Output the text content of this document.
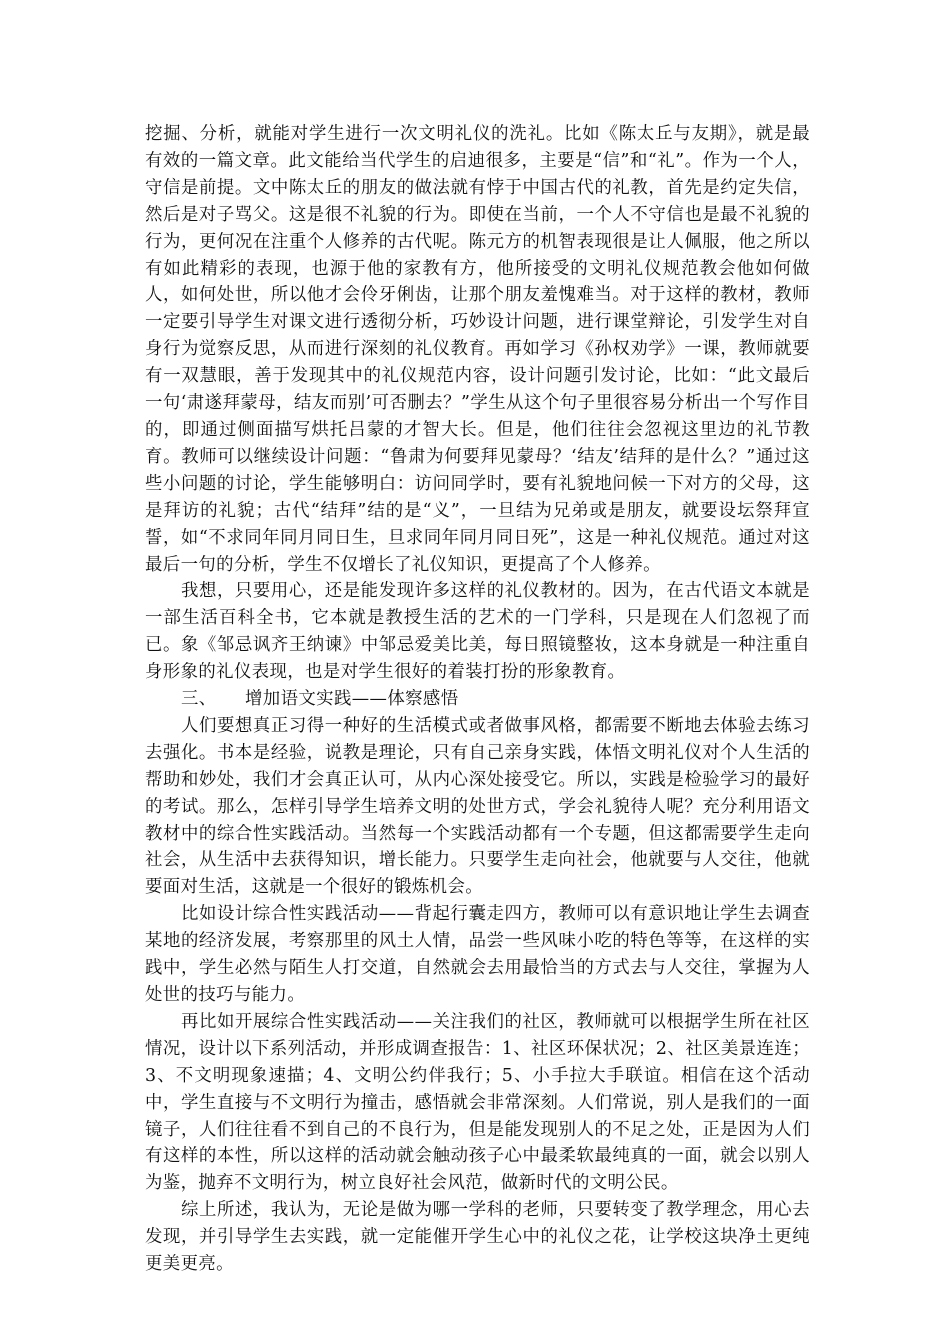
挖掘、分析，就能对学生进行一次文明礼仪的洗礼。比如《陈太丘与友期》，就是最有效的一篇文章。此文能给当代学生的启迪很多，主要是“信”和“礼”。作为一个人，守信是前提。文中陈太丘的朋友的做法就有悖于中国古代的礼教，首先是约定失信，然后是对子骂父。这是很不礼貌的行为。即使在当前，一个人不守信也是最不礼貌的行为，更何况在注重个人修养的古代呢。陈元方的机智表现很是让人佩服，他之所以有如此精彩的表现，也源于他的家教有方，他所接受的文明礼仪规范教会他如何做人，如何处世，所以他才会伶牙俐齿，让那个朋友羞愧难当。对于这样的教材，教师一定要引导学生对课文进行透彻分析，巧妙设计问题，进行课堂辩论，引发学生对自身行为觉察反思，从而进行深刻的礼仪教育。再如学习《孙权劝学》一课，教师就要有一双慧眼，善于发现其中的礼仪规范内容，设计问题引发讨论，比如：“此文最后一句‘肃遂拜蒙母，结友而别’可否删去？”学生从这个句子里很容易分析出一个写作目的，即通过侧面描写烘托吕蒙的才智大长。但是，他们往往会忽视这里边的礼节教育。教师可以继续设计问题：“鲁肃为何要拜见蒙母？‘结友’结拜的是什么？”通过这些小问题的讨论，学生能够明白：访问同学时，要有礼貌地问候一下对方的父母，这是拜访的礼貌；古代“结拜”结的是“义”，一旦结为兄弟或是朋友，就要设坛祭拜宣誓，如“不求同年同月同日生，旦求同年同月同日死”，这是一种礼仪规范。通过对这最后一句的分析，学生不仅增长了礼仪知识，更提高了个人修养。

我想，只要用心，还是能发现许多这样的礼仪教材的。因为，在古代语文本就是一部生活百科全书，它本就是教授生活的艺术的一门学科，只是现在人们忽视了而已。象《邹忌讽齐王纳谏》中邹忌爱美比美，每日照镜整妆，这本身就是一种注重自身形象的礼仪表现，也是对学生很好的着装打扮的形象教育。

三、	增加语文实践——体察感悟

人们要想真正习得一种好的生活模式或者做事风格，都需要不断地去体验去练习去强化。书本是经验，说教是理论，只有自己亲身实践，体悟文明礼仪对个人生活的帮助和妙处，我们才会真正认可，从内心深处接受它。所以，实践是检验学习的最好的考试。那么，怎样引导学生培养文明的处世方式，学会礼貌待人呢？充分利用语文教材中的综合性实践活动。当然每一个实践活动都有一个专题，但这都需要学生走向社会，从生活中去获得知识，增长能力。只要学生走向社会，他就要与人交往，他就要面对生活，这就是一个很好的锻炼机会。

比如设计综合性实践活动——背起行囊走四方，教师可以有意识地让学生去调查某地的经济发展，考察那里的风土人情，品尝一些风味小吃的特色等等，在这样的实践中，学生必然与陌生人打交道，自然就会去用最恰当的方式去与人交往，掌握为人处世的技巧与能力。

再比如开展综合性实践活动——关注我们的社区，教师就可以根据学生所在社区情况，设计以下系列活动，并形成调查报告：1、社区环保状况；2、社区美景连连；3、不文明现象速描；4、文明公约伴我行；5、小手拉大手联谊。相信在这个活动中，学生直接与不文明行为撞击，感悟就会非常深刻。人们常说，别人是我们的一面镜子，人们往往看不到自己的不良行为，但是能发现别人的不足之处，正是因为人们有这样的本性，所以这样的活动就会触动孩子心中最柔软最纯真的一面，就会以别人为鉴，抛弃不文明行为，树立良好社会风范，做新时代的文明公民。

综上所述，我认为，无论是做为哪一学科的老师，只要转变了教学理念，用心去发现，并引导学生去实践，就一定能催开学生心中的礼仪之花，让学校这块净土更纯更美更亮。
